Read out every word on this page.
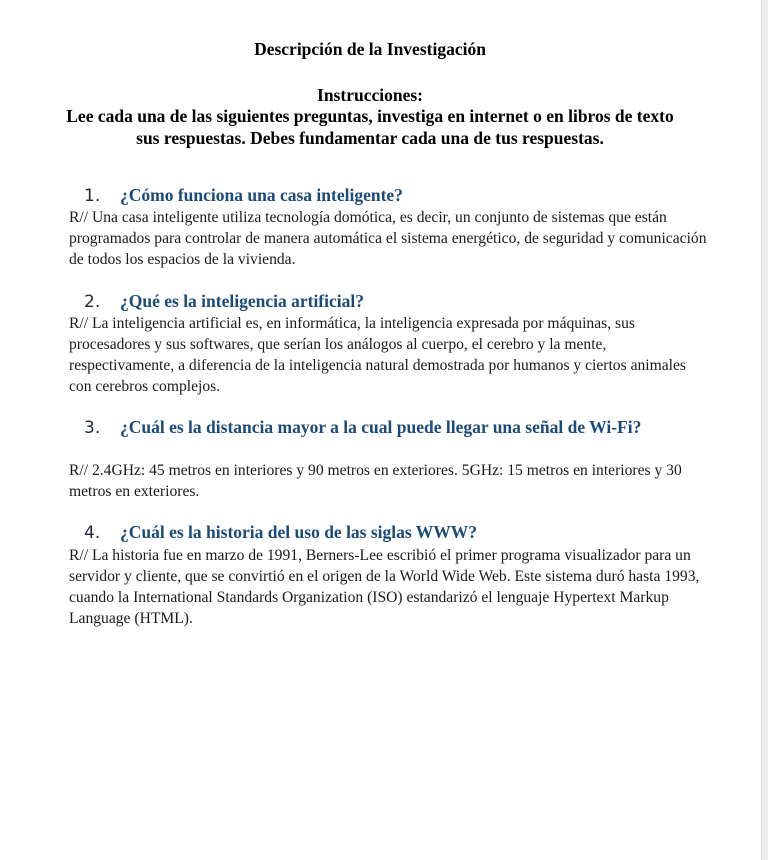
Descripción de la Investigación
Instrucciones:
Lee cada una de las siguientes preguntas, investiga en internet o en libros de texto sus respuestas. Debes fundamentar cada una de tus respuestas.
1. ¿Cómo funciona una casa inteligente?
R// Una casa inteligente utiliza tecnología domótica, es decir, un conjunto de sistemas que están programados para controlar de manera automática el sistema energético, de seguridad y comunicación de todos los espacios de la vivienda.
2. ¿Qué es la inteligencia artificial?
R// La inteligencia artificial es, en informática, la inteligencia expresada por máquinas, sus procesadores y sus softwares, que serían los análogos al cuerpo, el cerebro y la mente, respectivamente, a diferencia de la inteligencia natural demostrada por humanos y ciertos animales con cerebros complejos.
3. ¿Cuál es la distancia mayor a la cual puede llegar una señal de Wi-Fi?
R// 2.4GHz: 45 metros en interiores y 90 metros en exteriores. 5GHz: 15 metros en interiores y 30 metros en exteriores.
4. ¿Cuál es la historia del uso de las siglas WWW?
R// La historia fue en marzo de 1991, Berners-Lee escribió el primer programa visualizador para un servidor y cliente, que se convirtió en el origen de la World Wide Web. Este sistema duró hasta 1993, cuando la International Standards Organization (ISO) estandarizó el lenguaje Hypertext Markup Language (HTML).
